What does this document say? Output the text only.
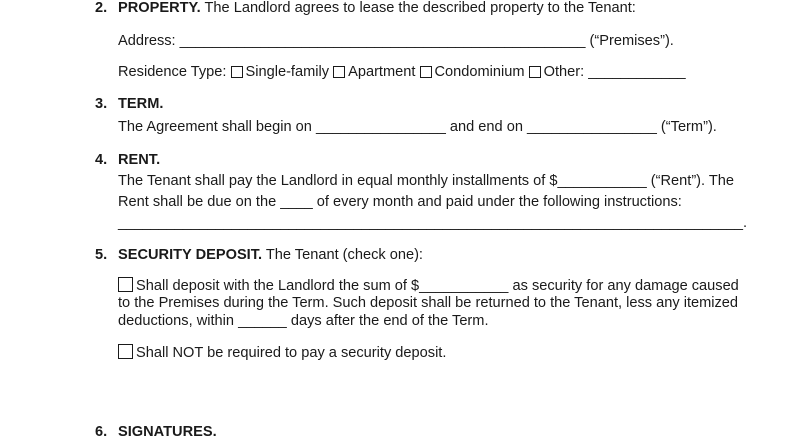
2. PROPERTY. The Landlord agrees to lease the described property to the Tenant:
Address: __________________________________________________ (“Premises”).
Residence Type: Single-family Apartment Condominium Other: ____________
3. TERM.
The Agreement shall begin on ________________ and end on ________________ (“Term”).
4. RENT.
The Tenant shall pay the Landlord in equal monthly installments of $___________ (“Rent”). The
Rent shall be due on the ____ of every month and paid under the following instructions:
_____________________________________________________________________________.
5. SECURITY DEPOSIT. The Tenant (check one):
Shall deposit with the Landlord the sum of $___________ as security for any damage caused
to the Premises during the Term. Such deposit shall be returned to the Tenant, less any itemized
deductions, within ______ days after the end of the Term.
Shall NOT be required to pay a security deposit.
6. SIGNATURES.
